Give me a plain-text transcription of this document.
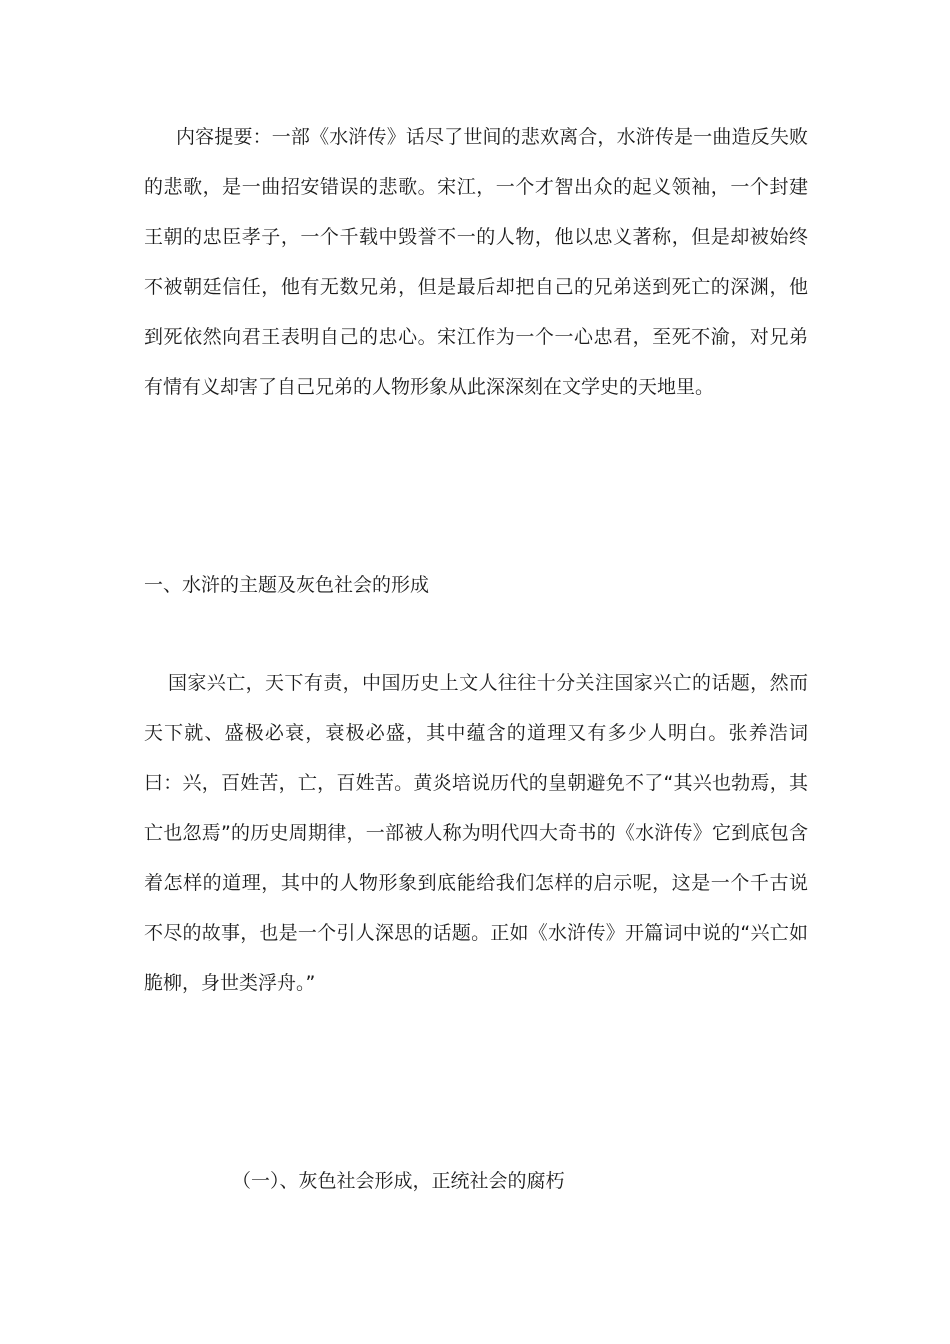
内容提要：一部《水浒传》话尽了世间的悲欢离合，水浒传是一曲造反失败的悲歌，是一曲招安错误的悲歌。宋江，一个才智出众的起义领袖，一个封建王朝的忠臣孝子，一个千载中毁誉不一的人物，他以忠义著称，但是却被始终不被朝廷信任，他有无数兄弟，但是最后却把自己的兄弟送到死亡的深渊，他到死依然向君王表明自己的忠心。宋江作为一个一心忠君，至死不渝，对兄弟有情有义却害了自己兄弟的人物形象从此深深刻在文学史的天地里。

一、水浒的主题及灰色社会的形成

国家兴亡，天下有责，中国历史上文人往往十分关注国家兴亡的话题，然而天下就、盛极必衰，衰极必盛，其中蕴含的道理又有多少人明白。张养浩词曰：兴，百姓苦，亡，百姓苦。黄炎培说历代的皇朝避免不了“其兴也勃焉，其亡也忽焉”的历史周期律，一部被人称为明代四大奇书的《水浒传》它到底包含着怎样的道理，其中的人物形象到底能给我们怎样的启示呢，这是一个千古说不尽的故事，也是一个引人深思的话题。正如《水浒传》开篇词中说的“兴亡如脆柳，身世类浮舟。”

（一）、灰色社会形成，正统社会的腐朽
